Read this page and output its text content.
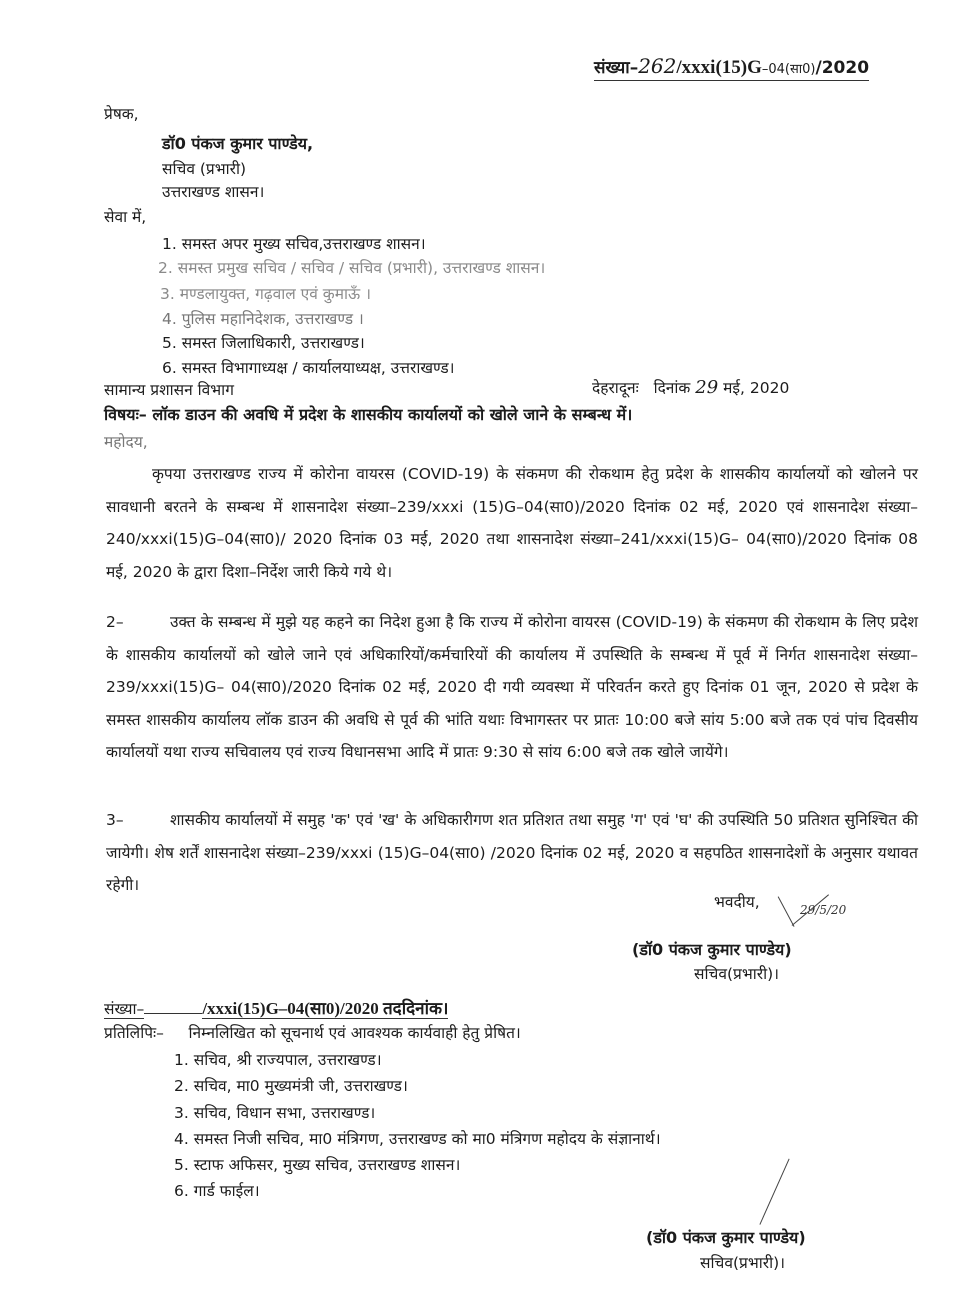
संख्या–262/xxxi(15)G–04(सा0)/2020
प्रेषक,
डॉ0 पंकज कुमार पाण्डेय,
सचिव (प्रभारी)
उत्तराखण्ड शासन।
सेवा में,
1. समस्त अपर मुख्य सचिव,उत्तराखण्ड शासन।
2. समस्त प्रमुख सचिव / सचिव / सचिव (प्रभारी), उत्तराखण्ड शासन।
3. मण्डलायुक्त, गढ़वाल एवं कुमाऊँ ।
4. पुलिस महानिदेशक, उत्तराखण्ड ।
5. समस्त जिलाधिकारी, उत्तराखण्ड।
6. समस्त विभागाध्यक्ष / कार्यालयाध्यक्ष, उत्तराखण्ड।
सामान्य प्रशासन विभाग	देहरादूनः दिनांक 29 मई, 2020
विषयः– लॉक डाउन की अवधि में प्रदेश के शासकीय कार्यालयों को खोले जाने के सम्बन्ध में।
महोदय,
कृपया उत्तराखण्ड राज्य में कोरोना वायरस (COVID-19) के संकमण की रोकथाम हेतु प्रदेश के शासकीय कार्यालयों को खोलने पर सावधानी बरतने के सम्बन्ध में शासनादेश संख्या–239/xxxi (15)G–04(सा0)/2020 दिनांक 02 मई, 2020 एवं शासनादेश संख्या–240/xxxi(15)G–04(सा0)/ 2020 दिनांक 03 मई, 2020 तथा शासनादेश संख्या–241/xxxi(15)G– 04(सा0)/2020 दिनांक 08 मई, 2020 के द्वारा दिशा–निर्देश जारी किये गये थे।
2–	उक्त के सम्बन्ध में मुझे यह कहने का निदेश हुआ है कि राज्य में कोरोना वायरस (COVID-19) के संकमण की रोकथाम के लिए प्रदेश के शासकीय कार्यालयों को खोले जाने एवं अधिकारियों/कर्मचारियों की कार्यालय में उपस्थिति के सम्बन्ध में पूर्व में निर्गत शासनादेश संख्या–239/xxxi(15)G– 04(सा0)/2020 दिनांक 02 मई, 2020 दी गयी व्यवस्था में परिवर्तन करते हुए दिनांक 01 जून, 2020 से प्रदेश के समस्त शासकीय कार्यालय लॉक डाउन की अवधि से पूर्व की भांति यथाः विभागस्तर पर प्रातः 10:00 बजे सांय 5:00 बजे तक एवं पांच दिवसीय कार्यालयों यथा राज्य सचिवालय एवं राज्य विधानसभा आदि में प्रातः 9:30 से सांय 6:00 बजे तक खोले जायेंगे।
3–	शासकीय कार्यालयों में समुह 'क' एवं 'ख' के अधिकारीगण शत प्रतिशत तथा समुह 'ग' एवं 'घ' की उपस्थिति 50 प्रतिशत सुनिश्चित की जायेगी। शेष शर्तें शासनादेश संख्या–239/xxxi (15)G–04(सा0) /2020 दिनांक 02 मई, 2020 व सहपठित शासनादेशों के अनुसार यथावत रहेगी।
भवदीय,	29/5/20
(डॉ0 पंकज कुमार पाण्डेय)
सचिव(प्रभारी)।
संख्या–	/xxxi(15)G–04(सा0)/2020 तददिनांक।
प्रतिलिपिः– निम्नलिखित को सूचनार्थ एवं आवश्यक कार्यवाही हेतु प्रेषित।
1. सचिव, श्री राज्यपाल, उत्तराखण्ड।
2. सचिव, मा0 मुख्यमंत्री जी, उत्तराखण्ड।
3. सचिव, विधान सभा, उत्तराखण्ड।
4. समस्त निजी सचिव, मा0 मंत्रिगण, उत्तराखण्ड को मा0 मंत्रिगण महोदय के संज्ञानार्थ।
5. स्टाफ अफिसर, मुख्य सचिव, उत्तराखण्ड शासन।
6. गार्ड फाईल।
(डॉ0 पंकज कुमार पाण्डेय)
सचिव(प्रभारी)।
